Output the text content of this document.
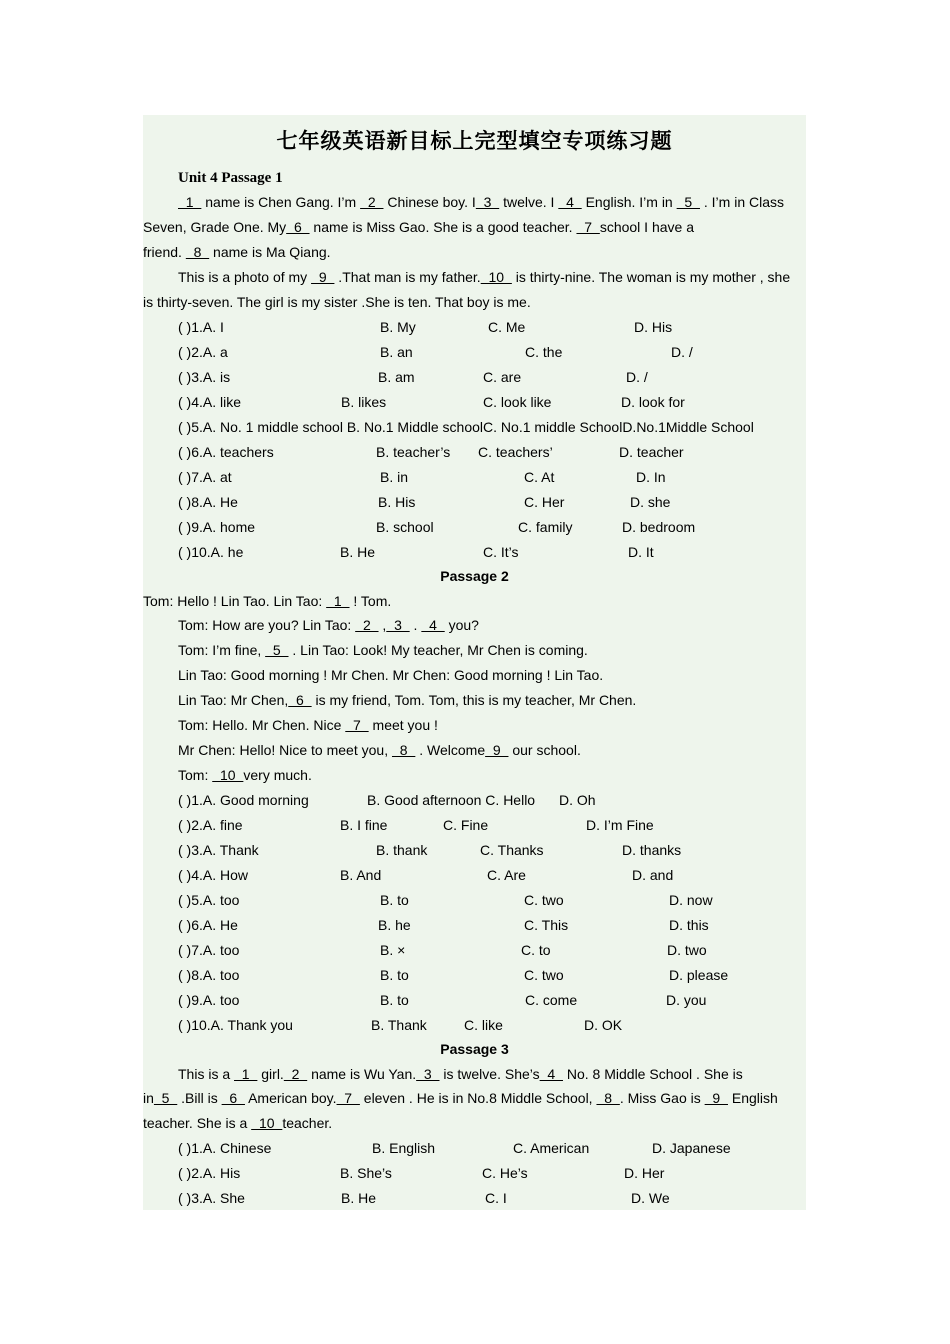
七年级英语新目标上完型填空专项练习题
Unit 4 Passage 1
1   name is Chen Gang. I’m   2   Chinese boy. I  3   twelve. I   4   English. I’m in   5   . I’m in Class
Seven, Grade One. My  6   name is Miss Gao. She is a good teacher.   7  school I have a
friend.   8   name is Ma Qiang.
This is a photo of my   9   .That man is my father.  10   is thirty-nine. The woman is my mother , she
is thirty-seven. The girl is my sister .She is ten. That boy is me.
( )1.A. I	B. My	C. Me	D. His
( )2.A. a	B. an	C. the	D. /
( )3.A. is	B. am	C. are	D. /
( )4.A. like	B. likes	C. look like	D. look for
( )5.A. No. 1 middle school B. No.1 Middle schoolC. No.1 middle SchoolD.No.1Middle School
( )6.A. teachers	B. teacher’s C. teachers’	D. teacher
( )7.A. at	B. in	C. At	D. In
( )8.A. He	B. His	C. Her	D. she
( )9.A. home	B. school	C. family	D. bedroom
( )10.A. he	B. He	C. It’s	D. It
Passage 2
Tom: Hello ! Lin Tao. Lin Tao:   1   ! Tom.
Tom: How are you? Lin Tao:   2   ,  3   .   4   you?
Tom: I’m fine,   5   . Lin Tao: Look! My teacher, Mr Chen is coming.
Lin Tao: Good morning ! Mr Chen. Mr Chen: Good morning ! Lin Tao.
Lin Tao: Mr Chen,  6   is my friend, Tom. Tom, this is my teacher, Mr Chen.
Tom: Hello. Mr Chen. Nice   7   meet you !
Mr Chen: Hello! Nice to meet you,   8   . Welcome  9   our school.
Tom:   10  very much.
( )1.A. Good morning	B. Good afternoon C. Hello D. Oh
( )2.A. fine	B. I fine	C. Fine	D. I’m Fine
( )3.A. Thank	B. thank	C. Thanks	D. thanks
( )4.A. How	B. And	C. Are	D. and
( )5.A. too	B. to	C. two	D. now
( )6.A. He	B. he	C. This	D. this
( )7.A. too	B. ×	C. to	D. two
( )8.A. too	B. to	C. two	D. please
( )9.A. too	B. to	C. come	D. you
( )10.A. Thank you	B. Thank	C. like	D. OK
Passage 3
This is a   1   girl.  2   name is Wu Yan.  3   is twelve. She’s  4   No. 8 Middle School . She is
in  5   .Bill is   6   American boy.  7   eleven . He is in No.8 Middle School,   8  . Miss Gao is   9   English
teacher. She is a   10  teacher.
( )1.A. Chinese	B. English	C. American	D. Japanese
( )2.A. His	B. She’s	C. He’s	D. Her
( )3.A. She	B. He	C. I	D. We
